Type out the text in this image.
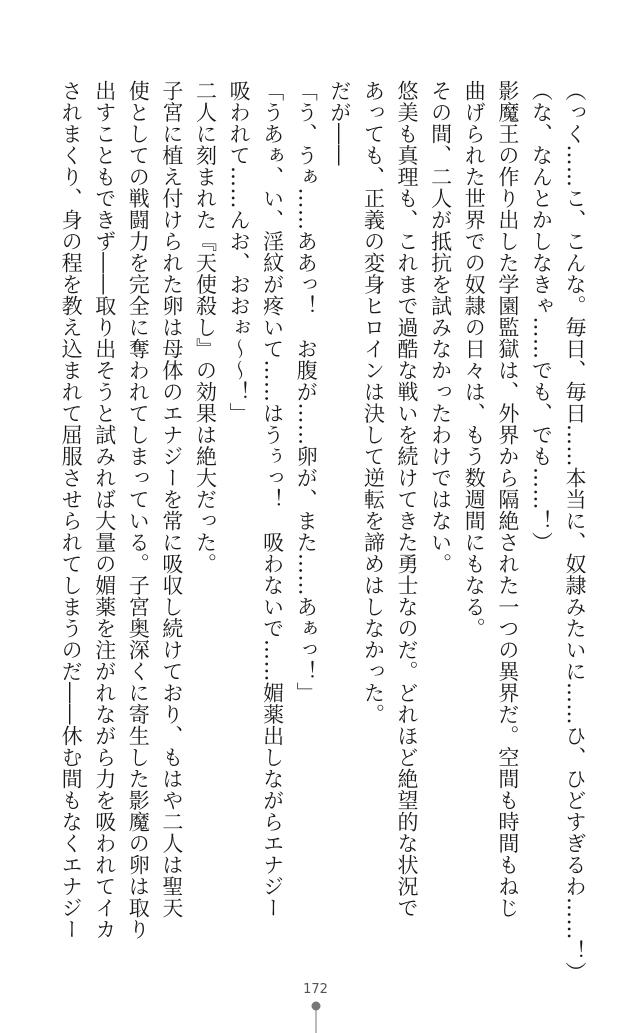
（っく……こ、こんな。毎日、毎日……本当に、奴隷みたいに……ひ、ひどすぎるわ……！）
（な、なんとかしなきゃ……でも、でも……！）
影魔王の作り出した学園監獄は、外界から隔絶された一つの異界だ。空間も時間もねじ
曲げられた世界での奴隷の日々は、もう数週間にもなる。
その間、二人が抵抗を試みなかったわけではない。
悠美も真理も、これまで過酷な戦いを続けてきた勇士なのだ。どれほど絶望的な状況で
あっても、正義の変身ヒロインは決して逆転を諦めはしなかった。
だが――
「う、うぁ……ああっ！　お腹が……卵が、また……あぁっ！」
「うあぁ、い、淫紋が疼いて……はうぅっ！　吸わないで……媚薬出しながらエナジー
吸われて……んお、おおぉ～～！」
二人に刻まれた『天使殺し』の効果は絶大だった。
子宮に植え付けられた卵は母体のエナジーを常に吸収し続けており、もはや二人は聖天
使としての戦闘力を完全に奪われてしまっている。子宮奥深くに寄生した影魔の卵は取り
出すこともできず――取り出そうと試みれば大量の媚薬を注がれながら力を吸われてイカ
されまくり、身の程を教え込まれて屈服させられてしまうのだ――休む間もなくエナジー
172
